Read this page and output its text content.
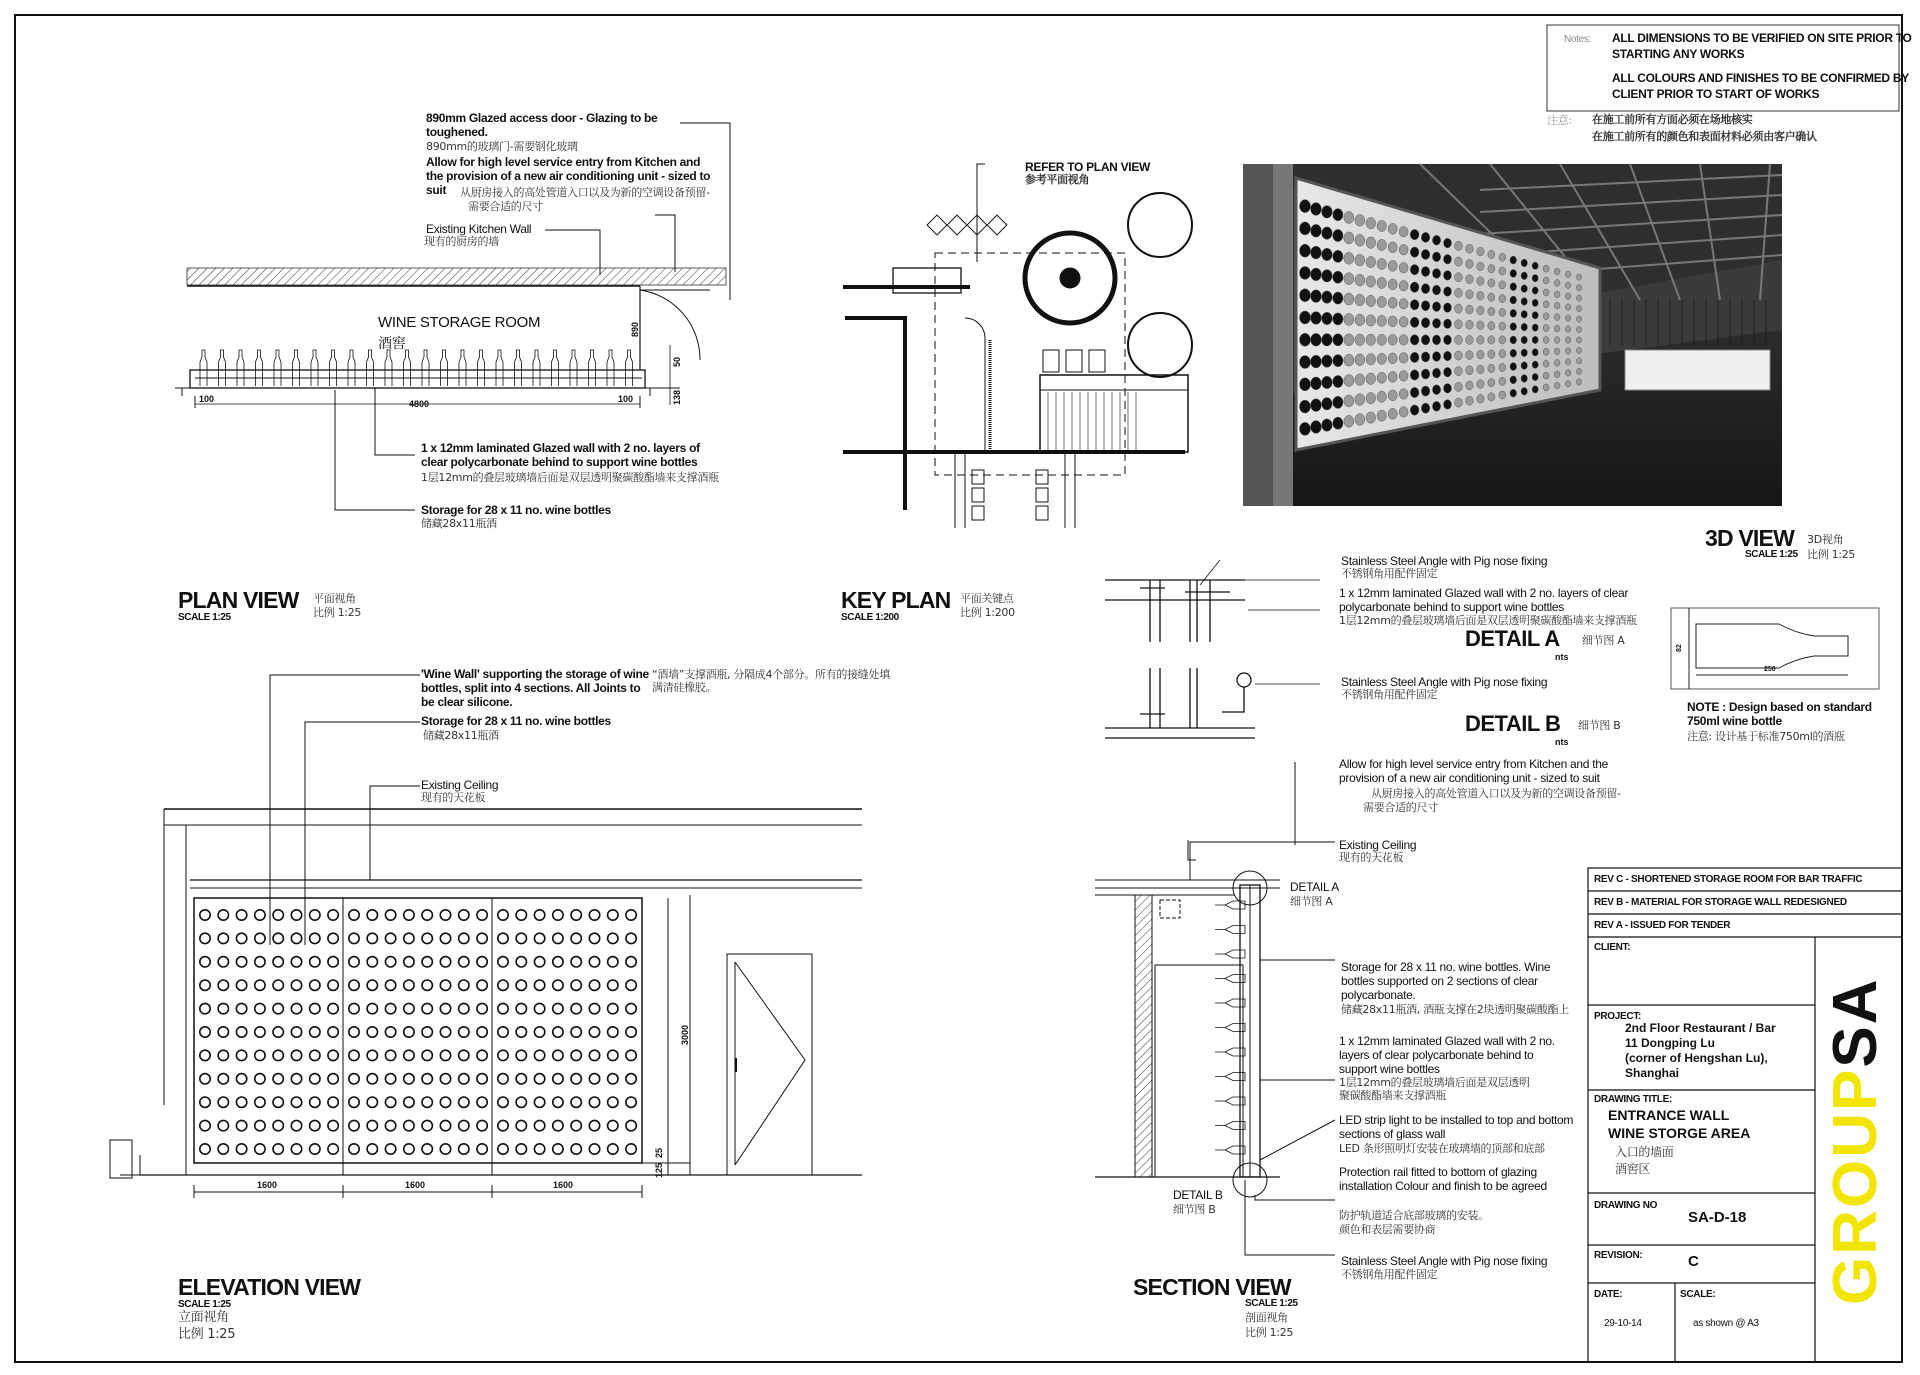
Notes: ALL DIMENSIONS TO BE VERIFIED ON SITE PRIOR TO
STARTING ANY WORKS
ALL COLOURS AND FINISHES TO BE CONFIRMED BY
CLIENT PRIOR TO START OF WORKS
注意: 在施工前所有方面必须在场地核实
在施工前所有的颜色和表面材料必须由客户确认
890mm Glazed access door - Glazing to be toughened.
890mm的玻璃门-需要钢化玻璃
Allow for high level service entry from Kitchen and the provision of a new air conditioning unit - sized to suit	从厨房接入的高处管道入口以及为新的空调设备预留-
需要合适的尺寸
Existing Kitchen Wall
现有的厨房的墙
WINE STORAGE ROOM
酒窖
100	4800	100
890
50
138
1 x 12mm laminated Glazed wall with 2 no. layers of clear polycarbonate behind to support wine bottles
1层12mm的叠层玻璃墙后面是双层透明聚碳酸酯墙来支撑酒瓶
Storage for 28 x 11 no. wine bottles
储藏28x11瓶酒
PLAN VIEW
SCALE 1:25
平面视角
比例 1:25
REFER TO PLAN VIEW
参考平面视角
KEY PLAN
SCALE 1:200
平面关键点
比例 1:200
3D VIEW 3D视角
SCALE 1:25 比例 1:25
Stainless Steel Angle with Pig nose fixing
不锈钢角用配件固定
1 x 12mm laminated Glazed wall with 2 no. layers of clear polycarbonate behind to support wine bottles
1层12mm的叠层玻璃墙后面是双层透明聚碳酸酯墙来支撑酒瓶
DETAIL A 细节图 A
nts
Stainless Steel Angle with Pig nose fixing
不锈钢角用配件固定
DETAIL B 细节图 B
nts
82
250
NOTE : Design based on standard 750ml wine bottle
注意: 设计基于标准750ml的酒瓶
'Wine Wall' supporting the storage of wine bottles, split into 4 sections. All Joints to be clear silicone.
“酒墙”支撑酒瓶, 分隔成4个部分。所有的接缝处填满清硅橡胶。
Storage for 28 x 11 no. wine bottles
储藏28x11瓶酒
Existing Ceiling
现有的天花板
1600	1600	1600
3000
25
125
ELEVATION VIEW
SCALE 1:25
立面视角
比例 1:25
Allow for high level service entry from Kitchen and the provision of a new air conditioning unit - sized to suit
从厨房接入的高处管道入口以及为新的空调设备预留-
需要合适的尺寸
Existing Ceiling
现有的天花板
DETAIL A
细节图 A
Storage for 28 x 11 no. wine bottles. Wine bottles supported on 2 sections of clear polycarbonate.
储藏28x11瓶酒, 酒瓶支撑在2块透明聚碳酸酯上
1 x 12mm laminated Glazed wall with 2 no. layers of clear polycarbonate behind to support wine bottles
1层12mm的叠层玻璃墙后面是双层透明聚碳酸酯墙来支撑酒瓶
LED strip light to be installed to top and bottom sections of glass wall
LED 条形照明灯安装在玻璃墙的顶部和底部
Protection rail fitted to bottom of glazing installation Colour and finish to be agreed
防护轨道适合底部玻璃的安装。
颜色和表层需要协商
Stainless Steel Angle with Pig nose fixing
不锈钢角用配件固定
DETAIL B
细节图 B
SECTION VIEW
SCALE 1:25
剖面视角
比例 1:25
REV C - SHORTENED STORAGE ROOM FOR BAR TRAFFIC
REV B - MATERIAL FOR STORAGE WALL REDESIGNED
REV A - ISSUED FOR TENDER
CLIENT:
PROJECT:
2nd Floor Restaurant / Bar
11 Dongping Lu
(corner of Hengshan Lu),
Shanghai
DRAWING TITLE:
ENTRANCE WALL
WINE STORGE AREA
入口的墙面
酒窖区
DRAWING NO
SA-D-18
REVISION:	C
DATE:
29-10-14
SCALE:
as shown @ A3
GROUPSA
